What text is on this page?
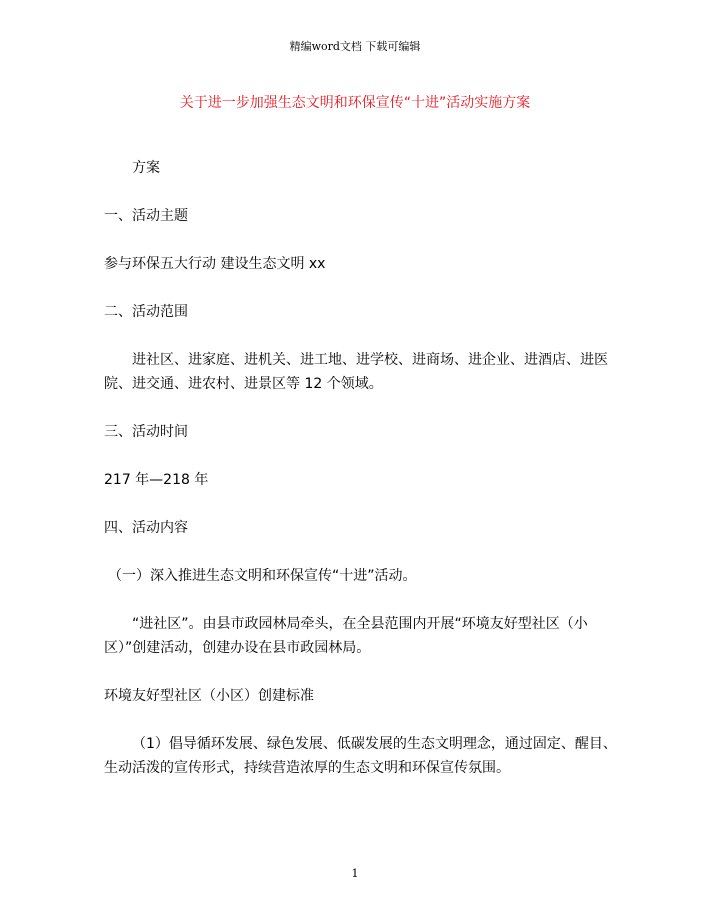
精编word文档 下载可编辑
关于进一步加强生态文明和环保宣传“十进”活动实施方案
方案
一、活动主题
参与环保五大行动 建设生态文明 xx
二、活动范围
进社区、进家庭、进机关、进工地、进学校、进商场、进企业、进酒店、进医
院、进交通、进农村、进景区等 12 个领域。
三、活动时间
217 年—218 年
四、活动内容
（一）深入推进生态文明和环保宣传“十进”活动。
“进社区”。由县市政园林局牵头，在全县范围内开展“环境友好型社区（小
区）”创建活动，创建办设在县市政园林局。
环境友好型社区（小区）创建标准
（1）倡导循环发展、绿色发展、低碳发展的生态文明理念，通过固定、醒目、
生动活泼的宣传形式，持续营造浓厚的生态文明和环保宣传氛围。
1
